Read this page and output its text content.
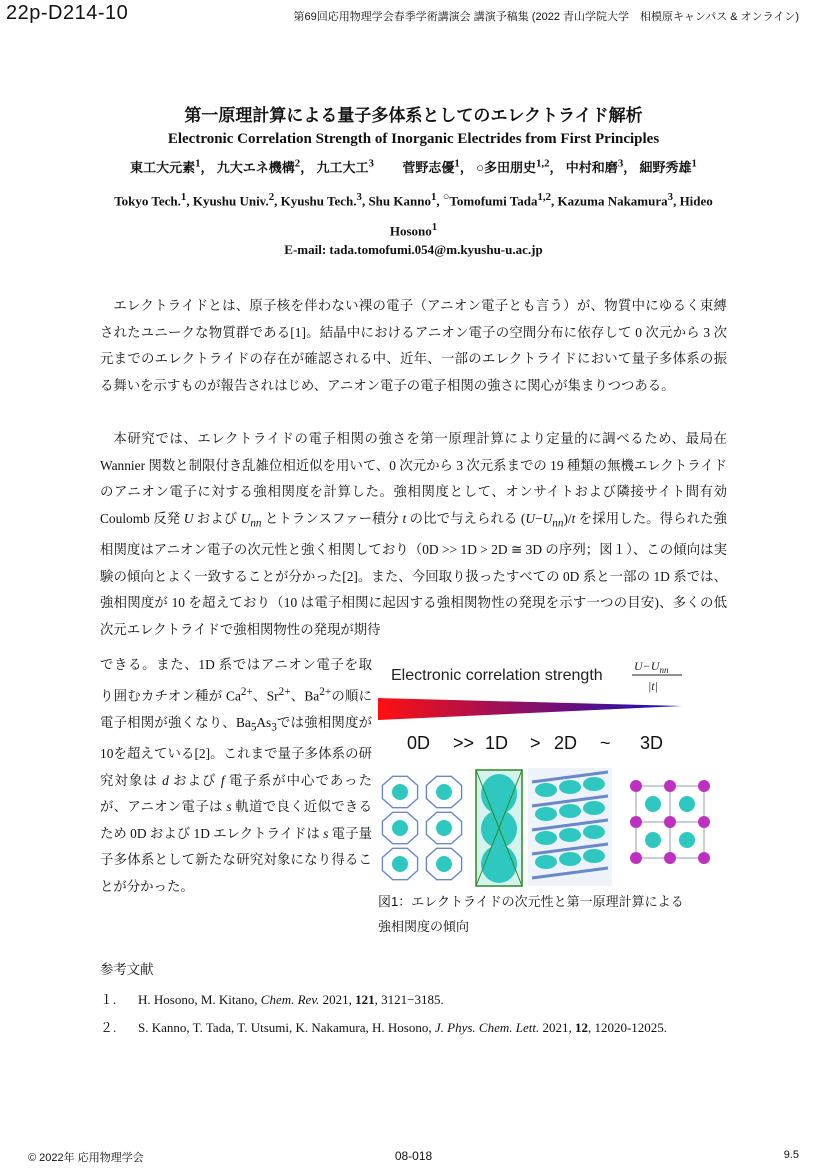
22p-D214-10	第69回応用物理学会春季学術講演会 講演予稿集 (2022 青山学院大学　相模原キャンパス & オンライン)
第一原理計算による量子多体系としてのエレクトライド解析
Electronic Correlation Strength of Inorganic Electrides from First Principles
東工大元素$^1$， 九大エネ機構$^2$， 九工大工$^3$ 菅野志優$^1$， ○多田朋史$^{1,2}$， 中村和磨$^3$， 細野秀雄$^1$
Tokyo Tech.$^1$, Kyushu Univ.$^2$, Kyushu Tech.$^3$, Shu Kanno$^1$, ○Tomofumi Tada$^{1,2}$, Kazuma Nakamura$^3$, Hideo Hosono$^1$
E-mail: tada.tomofumi.054@m.kyushu-u.ac.jp

エレクトライドとは、原子核を伴わない裸の電子（アニオン電子とも言う）が、物質中にゆるく束縛されたユニークな物質群である[1]。結晶中におけるアニオン電子の空間分布に依存して 0 次元から 3 次元までのエレクトライドの存在が確認される中、近年、一部のエレクトライドにおいて量子多体系の振る舞いを示すものが報告されはじめ、アニオン電子の電子相関の強さに関心が集まりつつある。

本研究では、エレクトライドの電子相関の強さを第一原理計算により定量的に調べるため、最局在 Wannier 関数と制限付き乱雑位相近似を用いて、0 次元から 3 次元系までの 19 種類の無機エレクトライドのアニオン電子に対する強相関度を計算した。強相関度として、オンサイトおよび隣接サイト間有効 Coulomb 反発 U および $U_{nn}$ とトランスファー積分 t の比で与えられる $(U-U_{nn})/t$ を採用した。得られた強相関度はアニオン電子の次元性と強く相関しており（0D >> 1D > 2D ≅ 3D の序列；図１）、この傾向は実験の傾向とよく一致することが分かった[2]。また、今回取り扱ったすべての 0D 系と一部の 1D 系では、強相関度が 10 を超えており（10 は電子相関に起因する強相関物性の発現を示す一つの目安)、多くの低次元エレクトライドで強相関物性の発現が期待

できる。また、1D 系ではアニオン電子を取り囲むカチオン種が $Ca^{2+}$、$Sr^{2+}$、$Ba^{2+}$の順に電子相関が強くなり、$Ba_5As_3$では強相関度が10を超えている[2]。これまで量子多体系の研究対象は d および f 電子系が中心であったが、アニオン電子は s 軌道で良く近似できるため 0D および 1D エレクトライドは s 電子量子多体系として新たな研究対象になり得ることが分かった。

Electronic correlation strength
$U-U_{nn}$
|t|
0D >> 1D > 2D ~ 3D
図1：エレクトライドの次元性と第一原理計算による
強相関度の傾向
参考文献
１. H. Hosono, M. Kitano, Chem. Rev. 2021, 121, 3121−3185.
２. S. Kanno, T. Tada, T. Utsumi, K. Nakamura, H. Hosono, J. Phys. Chem. Lett. 2021, 12, 12020-12025.
© 2022年 応用物理学会	08-018	9.5
